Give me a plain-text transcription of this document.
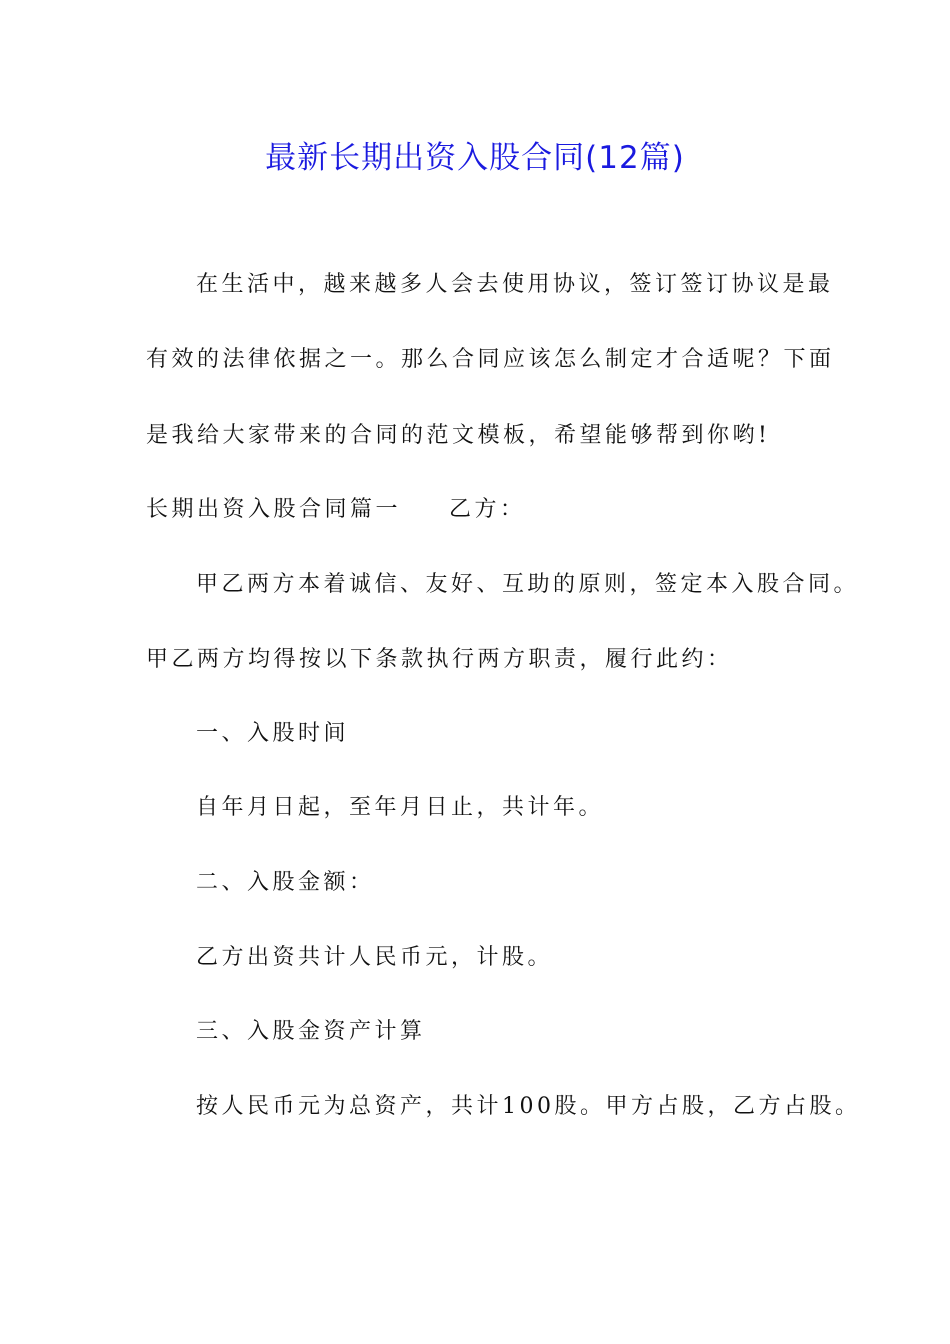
最新长期出资入股合同(12篇)
在生活中，越来越多人会去使用协议，签订签订协议是最
有效的法律依据之一。那么合同应该怎么制定才合适呢？下面
是我给大家带来的合同的范文模板，希望能够帮到你哟!
长期出资入股合同篇一 乙方：
甲乙两方本着诚信、友好、互助的原则，签定本入股合同。
甲乙两方均得按以下条款执行两方职责，履行此约：
一、入股时间
自年月日起，至年月日止，共计年。
二、入股金额：
乙方出资共计人民币元，计股。
三、入股金资产计算
按人民币元为总资产，共计100股。甲方占股，乙方占股。
